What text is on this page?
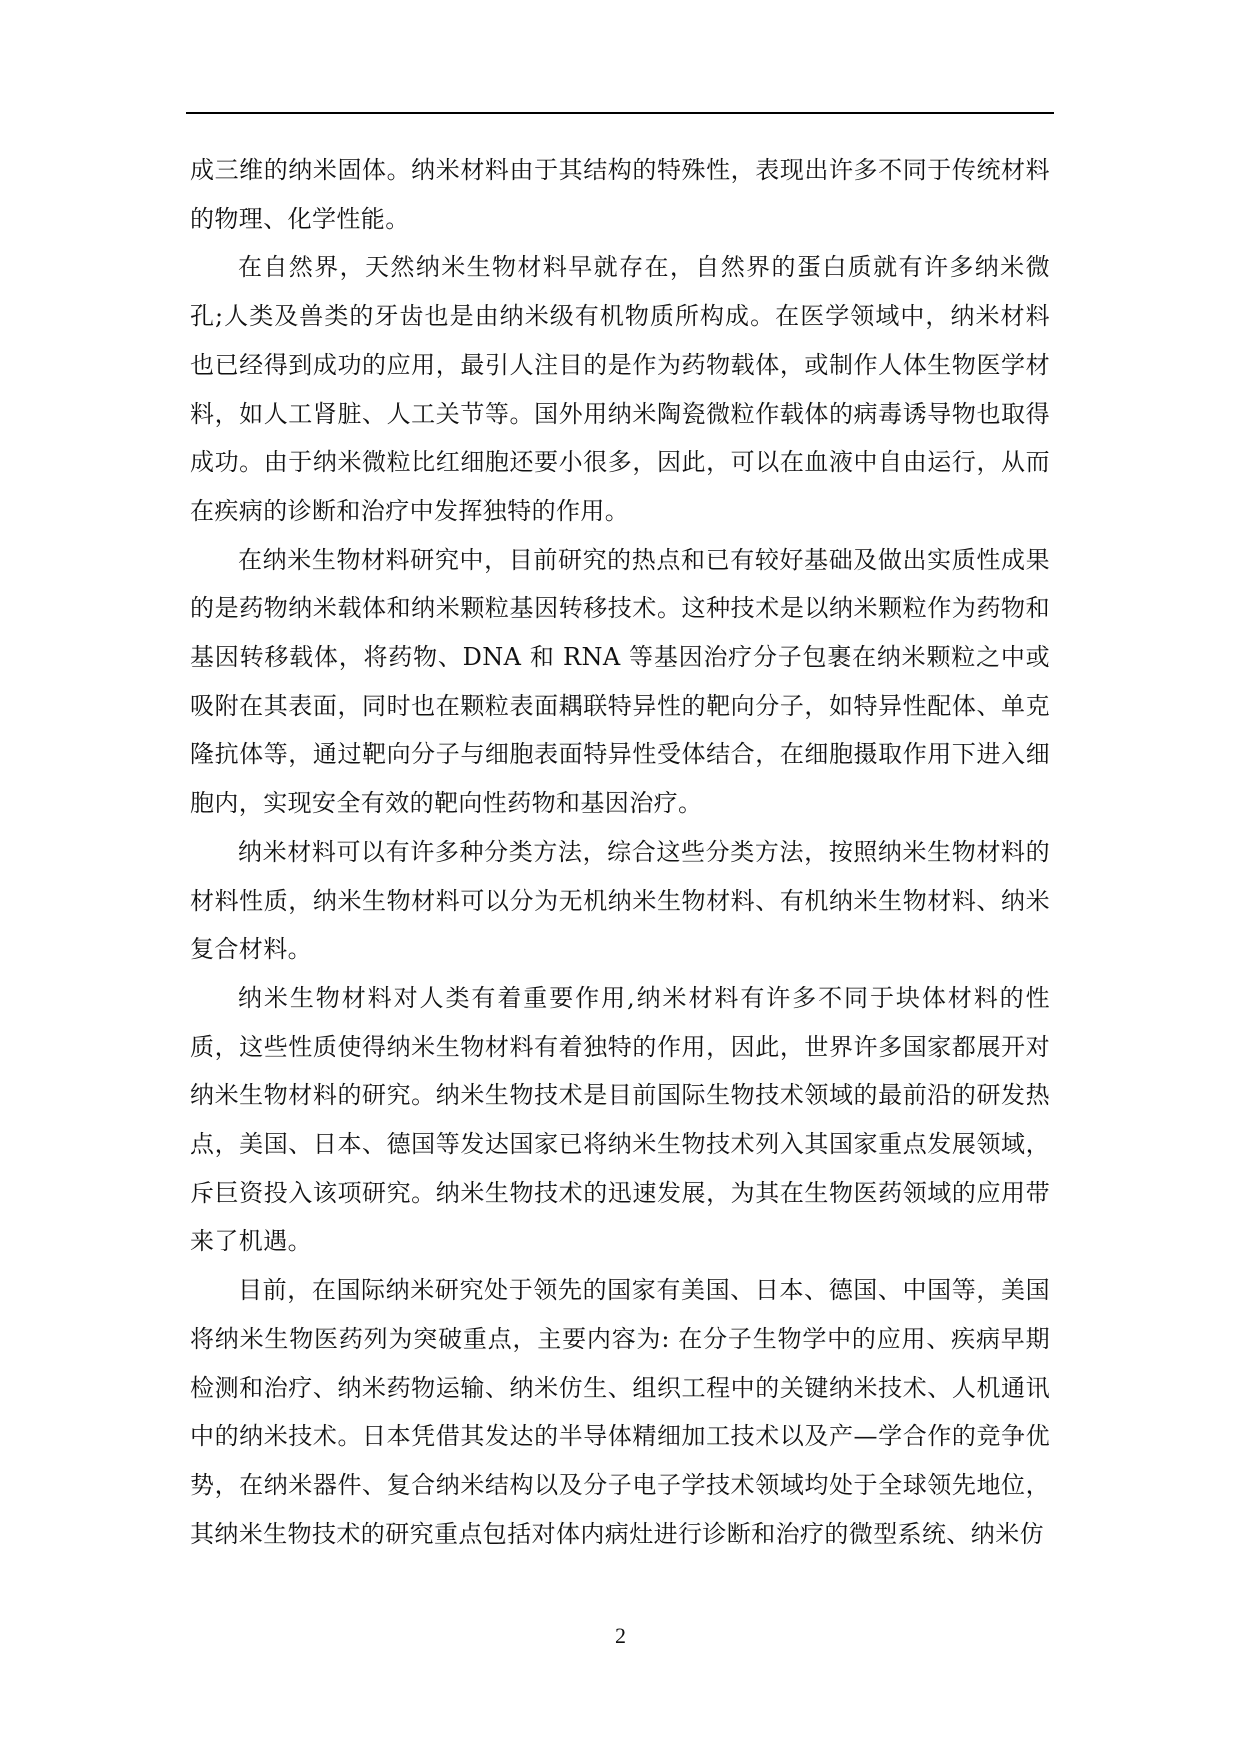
成三维的纳米固体。纳米材料由于其结构的特殊性，表现出许多不同于传统材料的物理、化学性能。

在自然界，天然纳米生物材料早就存在，自然界的蛋白质就有许多纳米微孔;人类及兽类的牙齿也是由纳米级有机物质所构成。在医学领域中，纳米材料也已经得到成功的应用，最引人注目的是作为药物载体，或制作人体生物医学材料，如人工肾脏、人工关节等。国外用纳米陶瓷微粒作载体的病毒诱导物也取得成功。由于纳米微粒比红细胞还要小很多，因此，可以在血液中自由运行，从而在疾病的诊断和治疗中发挥独特的作用。

在纳米生物材料研究中，目前研究的热点和已有较好基础及做出实质性成果的是药物纳米载体和纳米颗粒基因转移技术。这种技术是以纳米颗粒作为药物和基因转移载体，将药物、DNA 和 RNA 等基因治疗分子包裹在纳米颗粒之中或吸附在其表面，同时也在颗粒表面耦联特异性的靶向分子，如特异性配体、单克隆抗体等，通过靶向分子与细胞表面特异性受体结合，在细胞摄取作用下进入细胞内，实现安全有效的靶向性药物和基因治疗。

纳米材料可以有许多种分类方法，综合这些分类方法，按照纳米生物材料的材料性质，纳米生物材料可以分为无机纳米生物材料、有机纳米生物材料、纳米复合材料。

纳米生物材料对人类有着重要作用,纳米材料有许多不同于块体材料的性质，这些性质使得纳米生物材料有着独特的作用，因此，世界许多国家都展开对纳米生物材料的研究。纳米生物技术是目前国际生物技术领域的最前沿的研发热点，美国、日本、德国等发达国家已将纳米生物技术列入其国家重点发展领域，斥巨资投入该项研究。纳米生物技术的迅速发展，为其在生物医药领域的应用带来了机遇。

目前，在国际纳米研究处于领先的国家有美国、日本、德国、中国等，美国将纳米生物医药列为突破重点，主要内容为: 在分子生物学中的应用、疾病早期检测和治疗、纳米药物运输、纳米仿生、组织工程中的关键纳米技术、人机通讯中的纳米技术。日本凭借其发达的半导体精细加工技术以及产—学合作的竞争优势，在纳米器件、复合纳米结构以及分子电子学技术领域均处于全球领先地位，其纳米生物技术的研究重点包括对体内病灶进行诊断和治疗的微型系统、纳米仿

2
